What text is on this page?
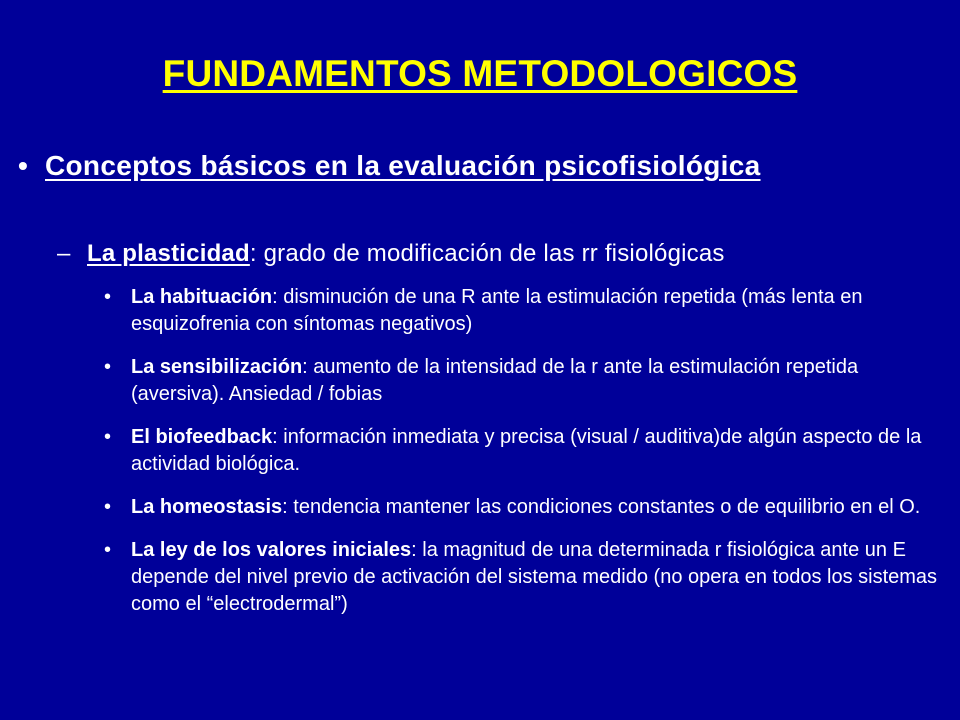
FUNDAMENTOS METODOLOGICOS
• Conceptos básicos en la evaluación psicofisiológica
– La plasticidad: grado de modificación de las rr fisiológicas
• La habituación: disminución de una R ante la estimulación repetida (más lenta en esquizofrenia con síntomas negativos)
• La sensibilización: aumento de la intensidad de la r ante la estimulación repetida (aversiva). Ansiedad / fobias
• El biofeedback: información inmediata y precisa (visual / auditiva)de algún aspecto de la actividad biológica.
• La homeostasis: tendencia mantener las condiciones constantes o de equilibrio en el O.
• La ley de los valores iniciales: la magnitud de una determinada r fisiológica ante un E depende del nivel previo de activación del sistema medido (no opera en todos los sistemas como el “electrodermal”)
